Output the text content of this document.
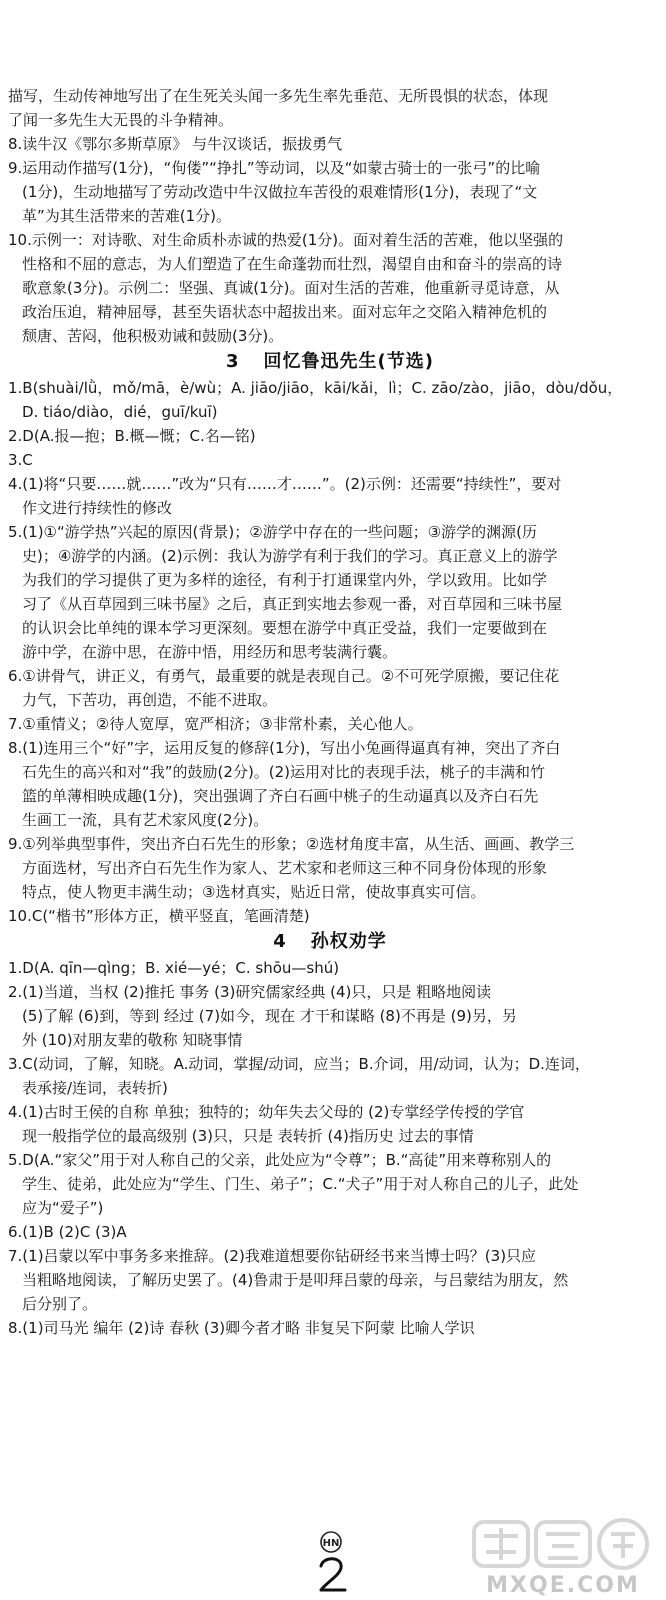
描写，生动传神地写出了在生死关头闻一多先生率先垂范、无所畏惧的状态，体现
了闻一多先生大无畏的斗争精神。
8.读牛汉《鄂尔多斯草原》 与牛汉谈话，振拔勇气
9.运用动作描写(1分)，“佝偻”“挣扎”等动词，以及“如蒙古骑士的一张弓”的比喻
(1分)，生动地描写了劳动改造中牛汉做拉车苦役的艰难情形(1分)，表现了“文
革”为其生活带来的苦难(1分)。
10.示例一：对诗歌、对生命质朴赤诚的热爱(1分)。面对着生活的苦难，他以坚强的
性格和不屈的意志，为人们塑造了在生命蓬勃而壮烈，渴望自由和奋斗的崇高的诗
歌意象(3分)。示例二：坚强、真诚(1分)。面对生活的苦难，他重新寻觅诗意，从
政治压迫，精神屈辱，甚至失语状态中超拔出来。面对忘年之交陷入精神危机的
颓唐、苦闷，他积极劝诫和鼓励(3分)。
3 回忆鲁迅先生(节选)
1.B(shuài/lǜ，mǒ/mā，è/wù；A. jiāo/jiāo，kāi/kǎi，lì；C. zāo/zào，jiāo，dòu/dǒu，
D. tiáo/diào，dié，guī/kuī)
2.D(A.报—抱；B.概—慨；C.名—铭)
3.C
4.(1)将“只要……就……”改为“只有……才……”。(2)示例：还需要“持续性”，要对
作文进行持续性的修改
5.(1)①“游学热”兴起的原因(背景)；②游学中存在的一些问题；③游学的渊源(历
史)；④游学的内涵。(2)示例：我认为游学有利于我们的学习。真正意义上的游学
为我们的学习提供了更为多样的途径，有利于打通课堂内外，学以致用。比如学
习了《从百草园到三味书屋》之后，真正到实地去参观一番，对百草园和三味书屋
的认识会比单纯的课本学习更深刻。要想在游学中真正受益，我们一定要做到在
游中学，在游中思，在游中悟，用经历和思考装满行囊。
6.①讲骨气，讲正义，有勇气，最重要的就是表现自己。②不可死学原搬，要记住花
力气，下苦功，再创造，不能不进取。
7.①重情义；②待人宽厚，宽严相济；③非常朴素，关心他人。
8.(1)连用三个“好”字，运用反复的修辞(1分)，写出小兔画得逼真有神，突出了齐白
石先生的高兴和对“我”的鼓励(2分)。(2)运用对比的表现手法，桃子的丰满和竹
篮的单薄相映成趣(1分)，突出强调了齐白石画中桃子的生动逼真以及齐白石先
生画工一流，具有艺术家风度(2分)。
9.①列举典型事件，突出齐白石先生的形象；②选材角度丰富，从生活、画画、教学三
方面选材，写出齐白石先生作为家人、艺术家和老师这三种不同身份体现的形象
特点，使人物更丰满生动；③选材真实，贴近日常，使故事真实可信。
10.C(“楷书”形体方正，横平竖直，笔画清楚)
4 孙权劝学
1.D(A. qīn—qìng；B. xié—yé；C. shōu—shú)
2.(1)当道，当权 (2)推托 事务 (3)研究儒家经典 (4)只，只是 粗略地阅读
(5)了解 (6)到，等到 经过 (7)如今，现在 才干和谋略 (8)不再是 (9)另，另
外 (10)对朋友辈的敬称 知晓事情
3.C(动词，了解，知晓。A.动词，掌握/动词，应当；B.介词，用/动词，认为；D.连词，
表承接/连词，表转折)
4.(1)古时王侯的自称 单独；独特的；幼年失去父母的 (2)专掌经学传授的学官
现一般指学位的最高级别 (3)只，只是 表转折 (4)指历史 过去的事情
5.D(A.“家父”用于对人称自己的父亲，此处应为“令尊”；B.“高徒”用来尊称别人的
学生、徒弟，此处应为“学生、门生、弟子”；C.“犬子”用于对人称自己的儿子，此处
应为“爱子”)
6.(1)B (2)C (3)A
7.(1)吕蒙以军中事务多来推辞。(2)我难道想要你钻研经书来当博士吗？(3)只应
当粗略地阅读，了解历史罢了。(4)鲁肃于是叩拜吕蒙的母亲，与吕蒙结为朋友，然
后分别了。
8.(1)司马光 编年 (2)诗 春秋 (3)卿今者才略 非复吴下阿蒙 比喻人学识
HN
MXQE.COM
